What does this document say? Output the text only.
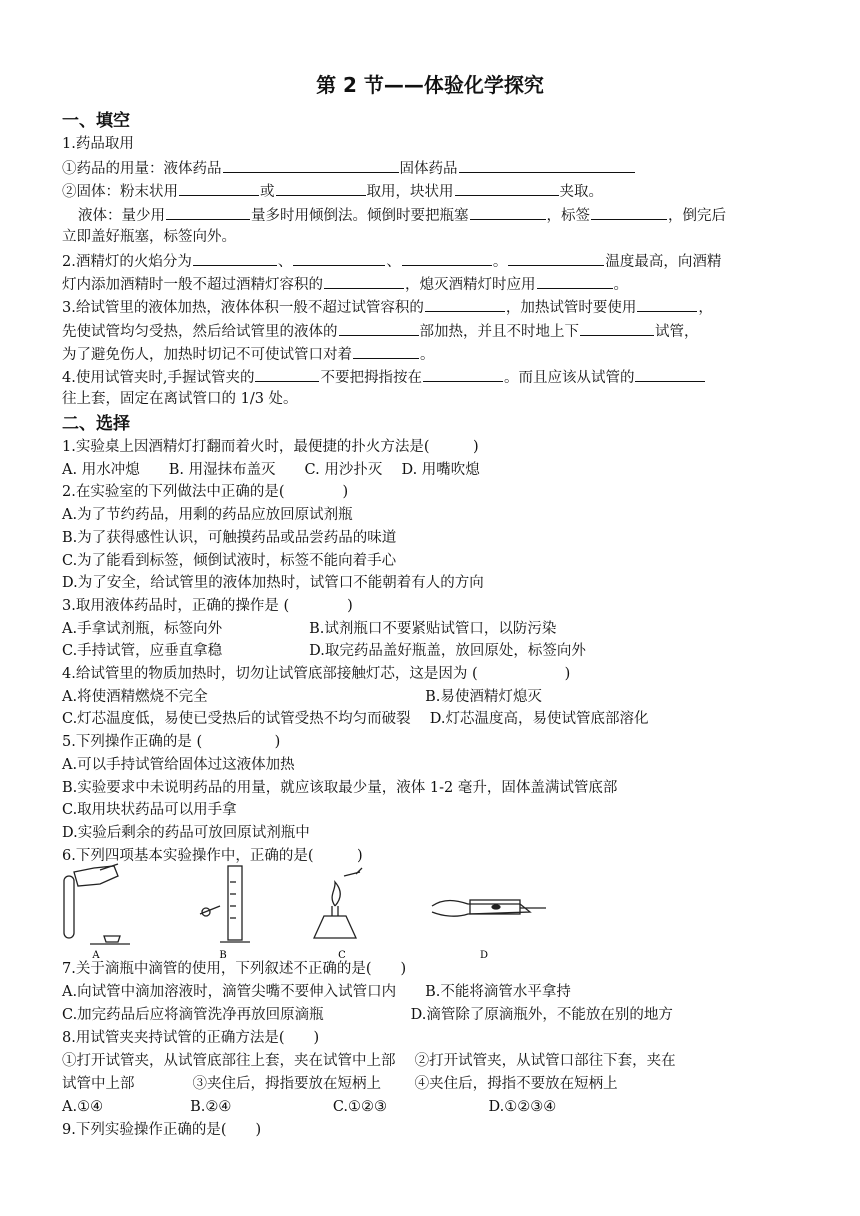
第 2 节——体验化学探究
一、填空
1.药品取用
①药品的用量：液体药品	固体药品
②固体：粉末状用	或	取用，块状用	夹取。
液体：量少用	量多时用倾倒法。倾倒时要把瓶塞	，标签	，倒完后
立即盖好瓶塞，标签向外。
2.酒精灯的火焰分为	、	、	。	温度最高，向酒精
灯内添加酒精时一般不超过酒精灯容积的	，熄灭酒精灯时应用	。
3.给试管里的液体加热，液体体积一般不超过试管容积的	，加热试管时要使用	，
先使试管均匀受热，然后给试管里的液体的	部加热，并且不时地上下	试管，
为了避免伤人，加热时切记不可使试管口对着	。
4.使用试管夹时,手握试管夹的	不要把拇指按在	。而且应该从试管的
往上套，固定在离试管口的 1/3 处。
二、选择
1.实验桌上因酒精灯打翻而着火时，最便捷的扑火方法是(　　　)
A. 用水冲熄　　B. 用湿抹布盖灭　　C. 用沙扑灭　 D. 用嘴吹熄
2.在实验室的下列做法中正确的是(　　　　)
A.为了节约药品，用剩的药品应放回原试剂瓶
B.为了获得感性认识，可触摸药品或品尝药品的味道
C.为了能看到标签，倾倒试液时，标签不能向着手心
D.为了安全，给试管里的液体加热时，试管口不能朝着有人的方向
3.取用液体药品时，正确的操作是 (　　　　)
A.手拿试剂瓶，标签向外　　　　　　B.试剂瓶口不要紧贴试管口，以防污染
C.手持试管，应垂直拿稳　　　　　　D.取完药品盖好瓶盖，放回原处，标签向外
4.给试管里的物质加热时，切勿让试管底部接触灯芯，这是因为 (　　　　　　)
A.将使酒精燃烧不完全　　　　　　　　　　　　　　　B.易使酒精灯熄灭
C.灯芯温度低，易使已受热后的试管受热不均匀而破裂　 D.灯芯温度高，易使试管底部溶化
5.下列操作正确的是 (　　　　　)
A.可以手持试管给固体过这液体加热
B.实验要求中未说明药品的用量，就应该取最少量，液体 1-2 毫升，固体盖满试管底部
C.取用块状药品可以用手拿
D.实验后剩余的药品可放回原试剂瓶中
6.下列四项基本实验操作中，正确的是(　　　)
A	B	C	D
7.关于滴瓶中滴管的使用，下列叙述不正确的是(　　)
A.向试管中滴加溶液时，滴管尖嘴不要伸入试管口内　　B.不能将滴管水平拿持
C.加完药品后应将滴管洗净再放回原滴瓶　　　　　　D.滴管除了原滴瓶外，不能放在别的地方
8.用试管夹夹持试管的正确方法是(　　)
①打开试管夹，从试管底部往上套，夹在试管中上部　 ②打开试管夹，从试管口部往下套，夹在
试管中上部　　　　③夹住后，拇指要放在短柄上　　 ④夹住后，拇指不要放在短柄上
A.①④　　　　　　B.②④　　　　　　　C.①②③　　　　　　　D.①②③④
9.下列实验操作正确的是(　　)
